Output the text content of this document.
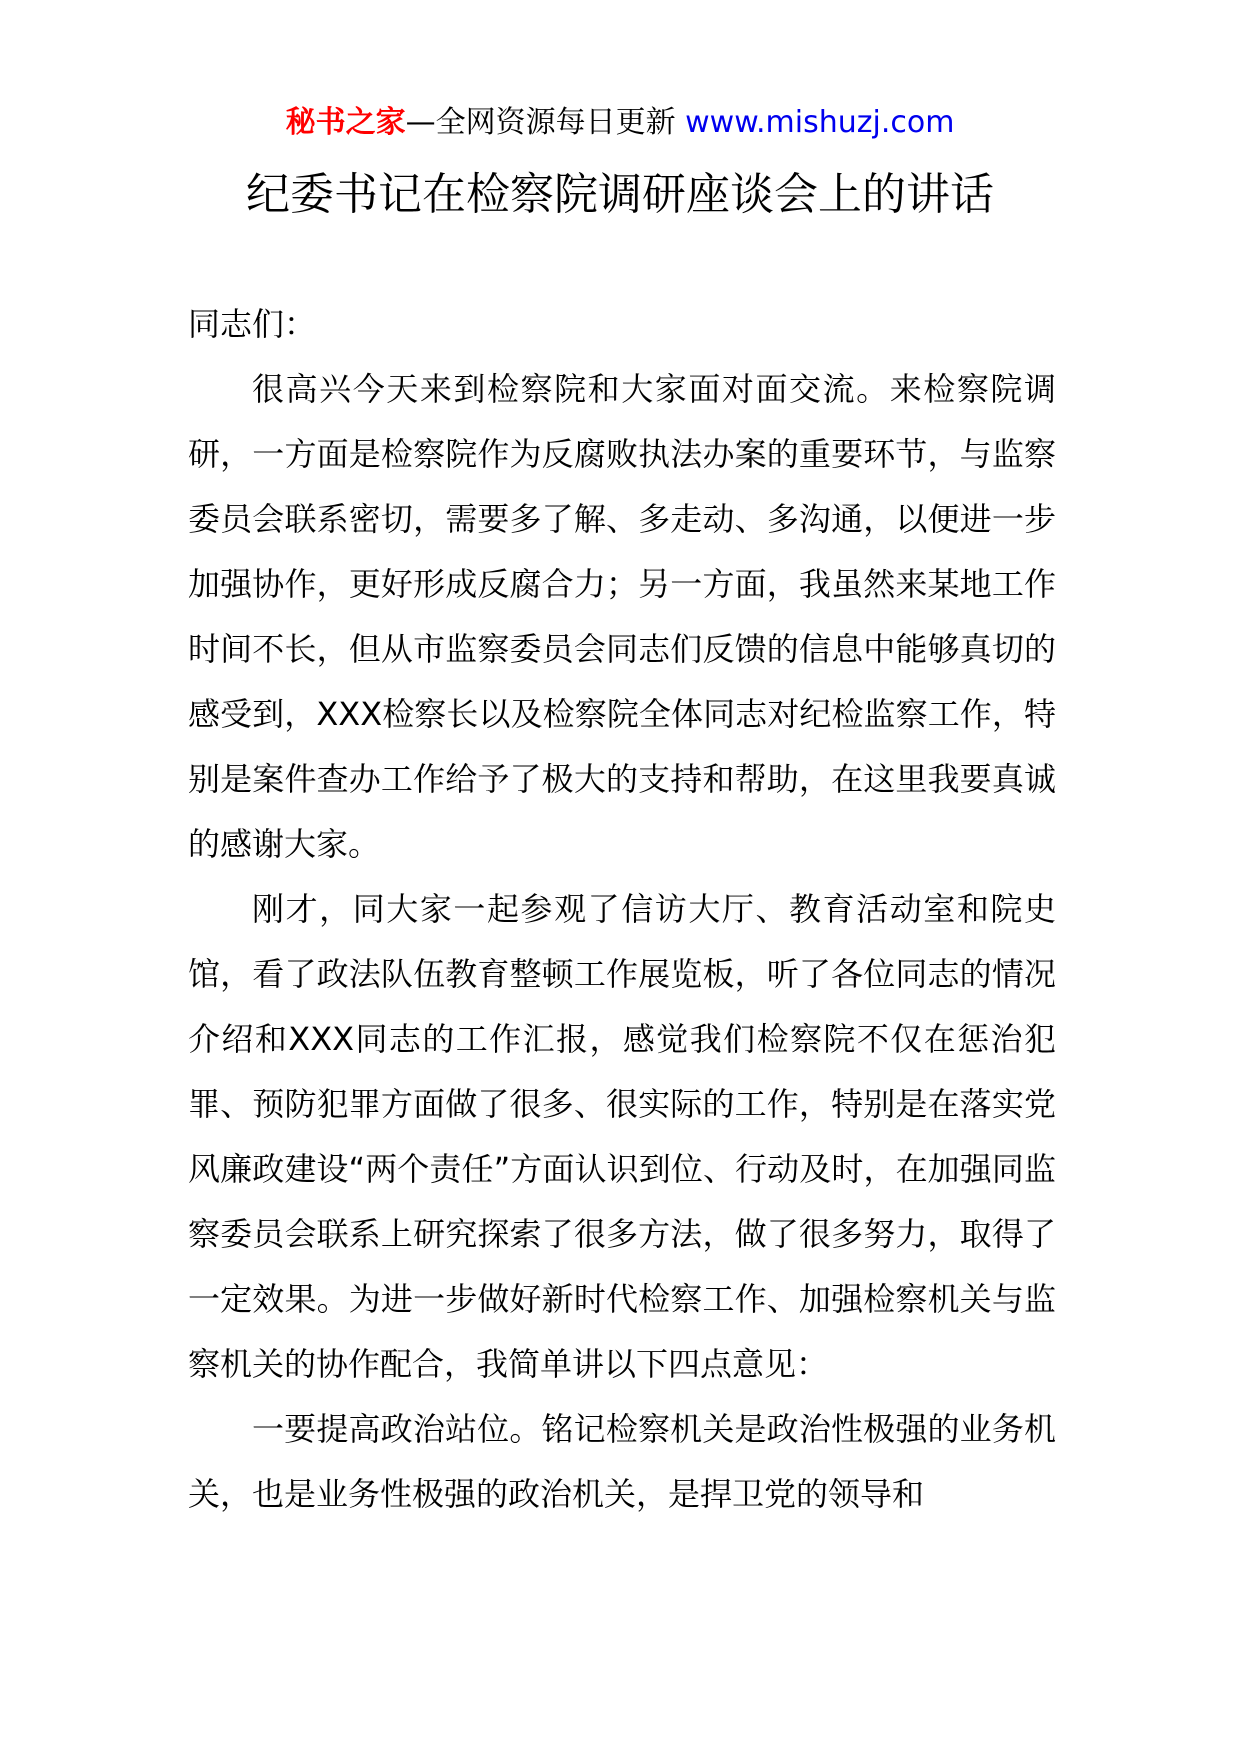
秘书之家—全网资源每日更新 www.mishuzj.com
纪委书记在检察院调研座谈会上的讲话

同志们：

很高兴今天来到检察院和大家面对面交流。来检察院调研，一方面是检察院作为反腐败执法办案的重要环节，与监察委员会联系密切，需要多了解、多走动、多沟通，以便进一步加强协作，更好形成反腐合力；另一方面，我虽然来某地工作时间不长，但从市监察委员会同志们反馈的信息中能够真切的感受到，XXX检察长以及检察院全体同志对纪检监察工作，特别是案件查办工作给予了极大的支持和帮助，在这里我要真诚的感谢大家。

刚才，同大家一起参观了信访大厅、教育活动室和院史馆，看了政法队伍教育整顿工作展览板，听了各位同志的情况介绍和XXX同志的工作汇报，感觉我们检察院不仅在惩治犯罪、预防犯罪方面做了很多、很实际的工作，特别是在落实党风廉政建设“两个责任”方面认识到位、行动及时，在加强同监察委员会联系上研究探索了很多方法，做了很多努力，取得了一定效果。为进一步做好新时代检察工作、加强检察机关与监察机关的协作配合，我简单讲以下四点意见：

一要提高政治站位。铭记检察机关是政治性极强的业务机关，也是业务性极强的政治机关，是捍卫党的领导和
